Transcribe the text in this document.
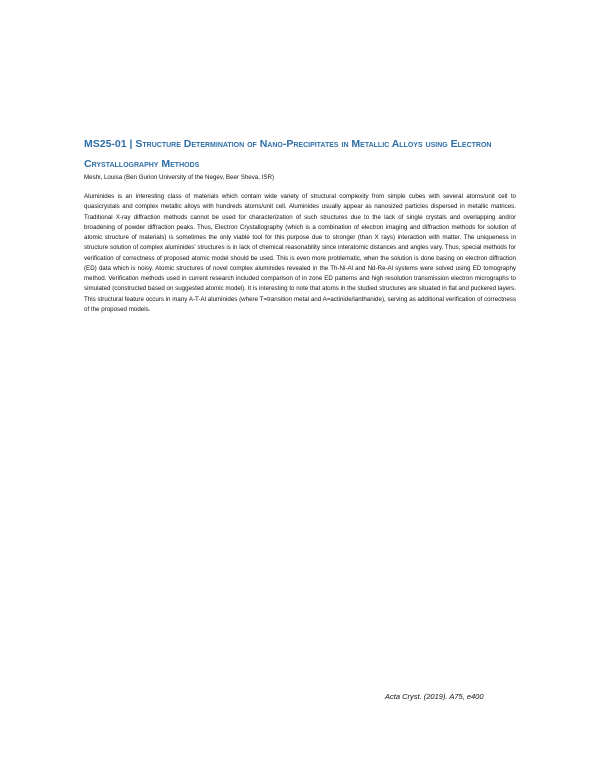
MS25-01 | Structure Determination of Nano-Precipitates in Metallic Alloys using Electron Crystallography Methods
Meshi, Louisa (Ben Gurion University of the Negev, Beer Sheva, ISR)

Aluminides is an interesting class of materials which contain wide variety of structural complexity from simple cubes with several atoms/unit cell to quasicrystals and complex metallic alloys with hundreds atoms/unit cell. Aluminides usually appear as nanosized particles dispersed in metallic matrices. Traditional X-ray diffraction methods cannot be used for characterization of such structures due to the lack of single crystals and overlapping and/or broadening of powder diffraction peaks. Thus, Electron Crystallography (which is a combination of electron imaging and diffraction methods for solution of atomic structure of materials) is sometimes the only viable tool for this purpose due to stronger (than X rays) interaction with matter. The uniqueness in structure solution of complex aluminides' structures is in lack of chemical reasonability since interatomic distances and angles vary. Thus, special methods for verification of correctness of proposed atomic model should be used. This is even more problematic, when the solution is done basing on electron diffraction (ED) data which is noisy. Atomic structures of novel complex aluminides revealed in the Th-Ni-Al and Nd-Re-Al systems were solved using ED tomography method. Verification methods used in current research included comparison of in zone ED patterns and high resolution transmission electron micrographs to simulated (constructed based on suggested atomic model). It is interesting to note that atoms in the studied structures are situated in flat and puckered layers. This structural feature occurs in many A-T-Al aluminides (where T=transition metal and A=actinide/lanthanide), serving as additional verification of correctness of the proposed models.

Acta Cryst. (2019). A75, e400
